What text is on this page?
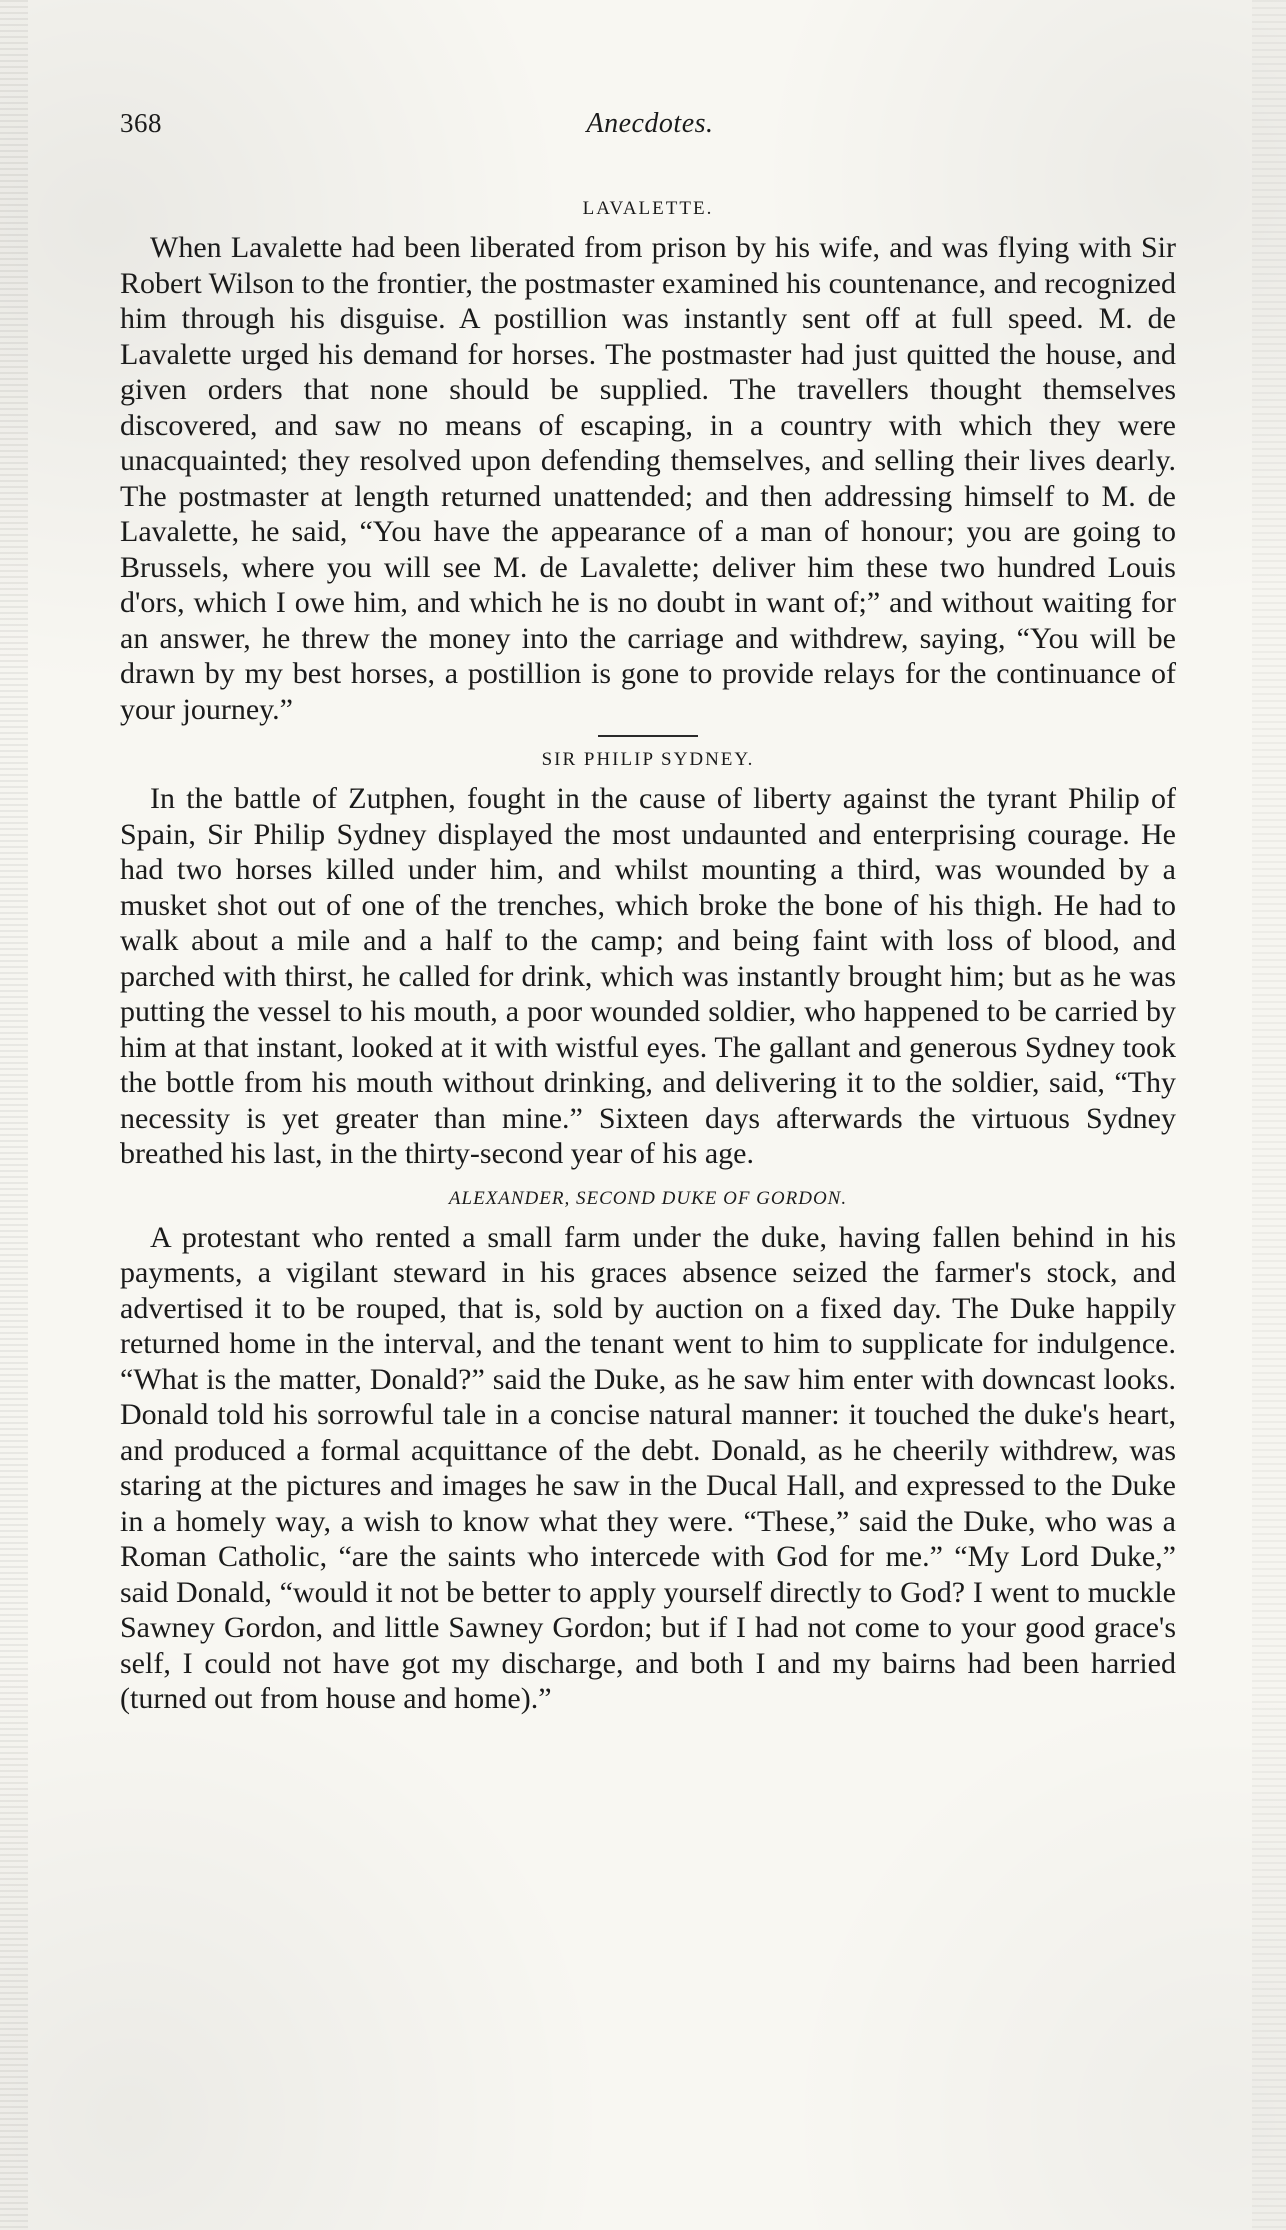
368	Anecdotes.
LAVALETTE.

When Lavalette had been liberated from prison by his wife, and was flying with Sir Robert Wilson to the frontier, the postmaster examined his countenance, and recognized him through his disguise. A postillion was instantly sent off at full speed. M. de Lavalette urged his demand for horses. The postmaster had just quitted the house, and given orders that none should be supplied. The travellers thought themselves discovered, and saw no means of escaping, in a country with which they were unacquainted; they resolved upon defending themselves, and selling their lives dearly. The postmaster at length returned unattended; and then addressing himself to M. de Lavalette, he said, “You have the appearance of a man of honour; you are going to Brussels, where you will see M. de Lavalette; deliver him these two hundred Louis d'ors, which I owe him, and which he is no doubt in want of;” and without waiting for an answer, he threw the money into the carriage and withdrew, saying, “You will be drawn by my best horses, a postillion is gone to provide relays for the continuance of your journey.”

SIR PHILIP SYDNEY.

In the battle of Zutphen, fought in the cause of liberty against the tyrant Philip of Spain, Sir Philip Sydney displayed the most undaunted and enterprising courage. He had two horses killed under him, and whilst mounting a third, was wounded by a musket shot out of one of the trenches, which broke the bone of his thigh. He had to walk about a mile and a half to the camp; and being faint with loss of blood, and parched with thirst, he called for drink, which was instantly brought him; but as he was putting the vessel to his mouth, a poor wounded soldier, who happened to be carried by him at that instant, looked at it with wistful eyes. The gallant and generous Sydney took the bottle from his mouth without drinking, and delivering it to the soldier, said, “Thy necessity is yet greater than mine.” Sixteen days afterwards the virtuous Sydney breathed his last, in the thirty-second year of his age.

ALEXANDER, SECOND DUKE OF GORDON.

A protestant who rented a small farm under the duke, having fallen behind in his payments, a vigilant steward in his graces absence seized the farmer's stock, and advertised it to be rouped, that is, sold by auction on a fixed day. The Duke happily returned home in the interval, and the tenant went to him to supplicate for indulgence. “What is the matter, Donald?” said the Duke, as he saw him enter with downcast looks. Donald told his sorrowful tale in a concise natural manner: it touched the duke's heart, and produced a formal acquittance of the debt. Donald, as he cheerily withdrew, was staring at the pictures and images he saw in the Ducal Hall, and expressed to the Duke in a homely way, a wish to know what they were. “These,” said the Duke, who was a Roman Catholic, “are the saints who intercede with God for me.” “My Lord Duke,” said Donald, “would it not be better to apply yourself directly to God? I went to muckle Sawney Gordon, and little Sawney Gordon; but if I had not come to your good grace's self, I could not have got my discharge, and both I and my bairns had been harried (turned out from house and home).”
